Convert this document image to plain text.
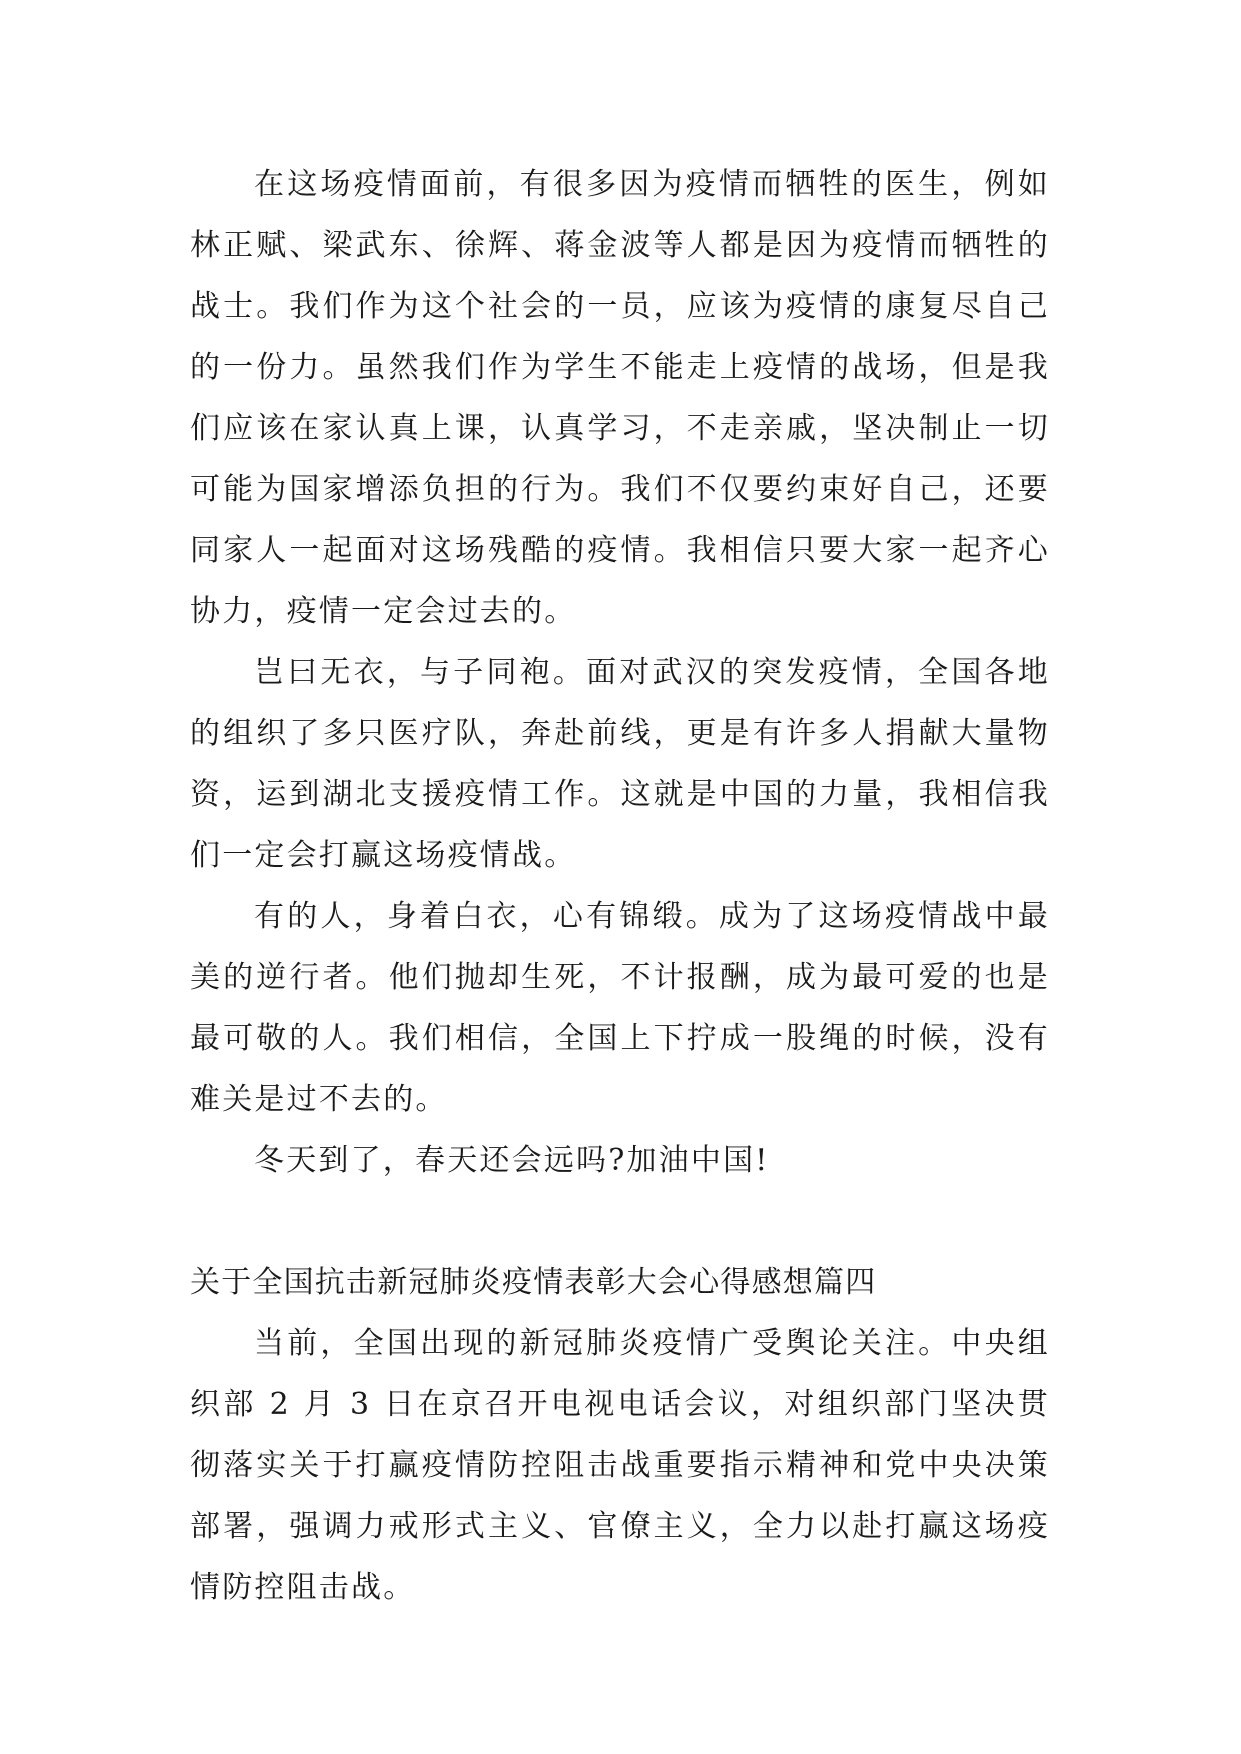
在这场疫情面前，有很多因为疫情而牺牲的医生，例如林正赋、梁武东、徐辉、蒋金波等人都是因为疫情而牺牲的战士。我们作为这个社会的一员，应该为疫情的康复尽自己的一份力。虽然我们作为学生不能走上疫情的战场，但是我们应该在家认真上课，认真学习，不走亲戚，坚决制止一切可能为国家增添负担的行为。我们不仅要约束好自己，还要同家人一起面对这场残酷的疫情。我相信只要大家一起齐心协力，疫情一定会过去的。

岂曰无衣，与子同袍。面对武汉的突发疫情，全国各地的组织了多只医疗队，奔赴前线，更是有许多人捐献大量物资，运到湖北支援疫情工作。这就是中国的力量，我相信我们一定会打赢这场疫情战。

有的人，身着白衣，心有锦缎。成为了这场疫情战中最美的逆行者。他们抛却生死，不计报酬，成为最可爱的也是最可敬的人。我们相信，全国上下拧成一股绳的时候，没有难关是过不去的。

冬天到了，春天还会远吗?加油中国!

关于全国抗击新冠肺炎疫情表彰大会心得感想篇四

当前，全国出现的新冠肺炎疫情广受舆论关注。中央组织部 2 月 3 日在京召开电视电话会议，对组织部门坚决贯彻落实关于打赢疫情防控阻击战重要指示精神和党中央决策部署，强调力戒形式主义、官僚主义，全力以赴打赢这场疫情防控阻击战。
